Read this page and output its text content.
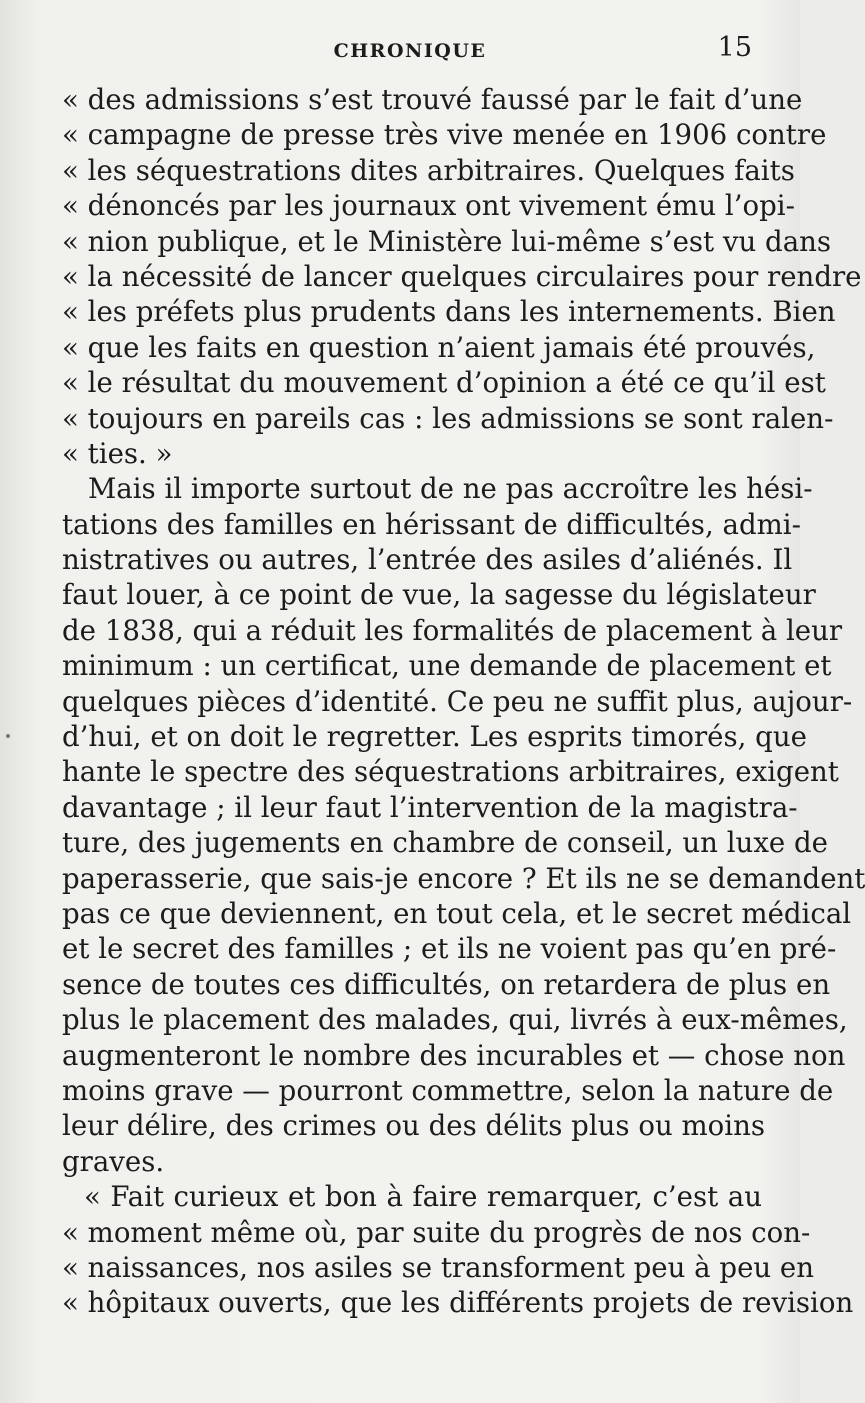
CHRONIQUE	15
« des admissions s’est trouvé faussé par le fait d’une
« campagne de presse très vive menée en 1906 contre
« les séquestrations dites arbitraires. Quelques faits
« dénoncés par les journaux ont vivement ému l’opi-
« nion publique, et le Ministère lui-même s’est vu dans
« la nécessité de lancer quelques circulaires pour rendre
« les préfets plus prudents dans les internements. Bien
« que les faits en question n’aient jamais été prouvés,
« le résultat du mouvement d’opinion a été ce qu’il est
« toujours en pareils cas : les admissions se sont ralen-
« ties. »
Mais il importe surtout de ne pas accroître les hési-
tations des familles en hérissant de difficultés, admi-
nistratives ou autres, l’entrée des asiles d’aliénés. Il
faut louer, à ce point de vue, la sagesse du législateur
de 1838, qui a réduit les formalités de placement à leur
minimum : un certificat, une demande de placement et
quelques pièces d’identité. Ce peu ne suffit plus, aujour-
d’hui, et on doit le regretter. Les esprits timorés, que
hante le spectre des séquestrations arbitraires, exigent
davantage ; il leur faut l’intervention de la magistra-
ture, des jugements en chambre de conseil, un luxe de
paperasserie, que sais-je encore ? Et ils ne se demandent
pas ce que deviennent, en tout cela, et le secret médical
et le secret des familles ; et ils ne voient pas qu’en pré-
sence de toutes ces difficultés, on retardera de plus en
plus le placement des malades, qui, livrés à eux-mêmes,
augmenteront le nombre des incurables et — chose non
moins grave — pourront commettre, selon la nature de
leur délire, des crimes ou des délits plus ou moins
graves.
« Fait curieux et bon à faire remarquer, c’est au
« moment même où, par suite du progrès de nos con-
« naissances, nos asiles se transforment peu à peu en
« hôpitaux ouverts, que les différents projets de revision
